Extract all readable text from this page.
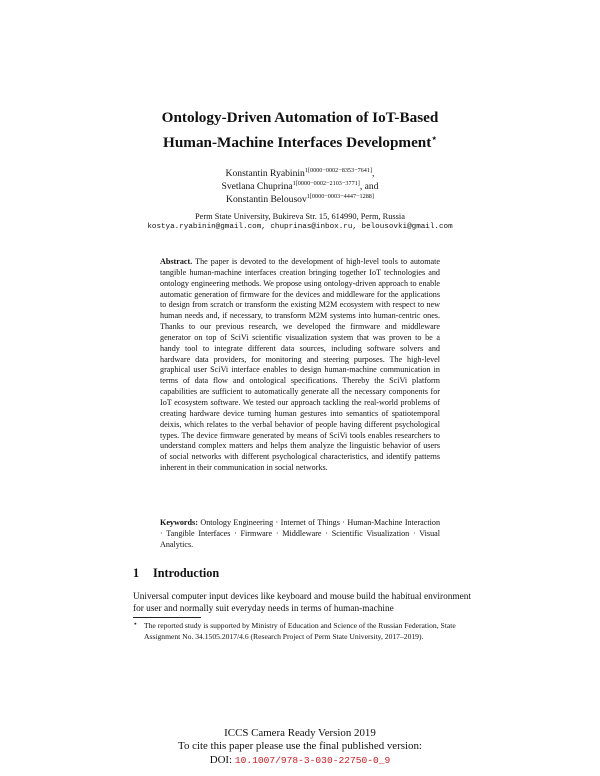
Ontology-Driven Automation of IoT-Based
Human-Machine Interfaces Development⋆
Konstantin Ryabinin$^{1[0000-0002-8353-7641]}$,
Svetlana Chuprina$^{1[0000-0002-2103-3771]}$, and
Konstantin Belousov$^{1[0000-0003-4447-1288]}$
Perm State University, Bukireva Str. 15, 614990, Perm, Russia
kostya.ryabinin@gmail.com, chuprinas@inbox.ru, belousovki@gmail.com

Abstract. The paper is devoted to the development of high-level tools to automate tangible human-machine interfaces creation bringing together IoT technologies and ontology engineering methods. We propose using ontology-driven approach to enable automatic generation of firmware for the devices and middleware for the applications to design from scratch or transform the existing M2M ecosystem with respect to new human needs and, if necessary, to transform M2M systems into human-centric ones. Thanks to our previous research, we developed the firmware and middleware generator on top of SciVi scientific visualization system that was proven to be a handy tool to integrate different data sources, including software solvers and hardware data providers, for monitoring and steering purposes. The high-level graphical user SciVi interface enables to design human-machine communication in terms of data flow and ontological specifications. Thereby the SciVi platform capabilities are sufficient to automatically generate all the necessary components for IoT ecosystem software. We tested our approach tackling the real-world problems of creating hardware device turning human gestures into semantics of spatiotemporal deixis, which relates to the verbal behavior of people having different psychological types. The device firmware generated by means of SciVi tools enables researchers to understand complex matters and helps them analyze the linguistic behavior of users of social networks with different psychological characteristics, and identify patterns inherent in their communication in social networks.

Keywords: Ontology Engineering · Internet of Things · Human-Machine Interaction · Tangible Interfaces · Firmware · Middleware · Scientific Visualization · Visual Analytics.

1 Introduction

Universal computer input devices like keyboard and mouse build the habitual environment for user and normally suit everyday needs in terms of human-machine

⋆ The reported study is supported by Ministry of Education and Science of the Russian Federation, State Assignment No. 34.1505.2017/4.6 (Research Project of Perm State University, 2017–2019).

ICCS Camera Ready Version 2019
To cite this paper please use the final published version:
DOI: 10.1007/978-3-030-22750-0_9
